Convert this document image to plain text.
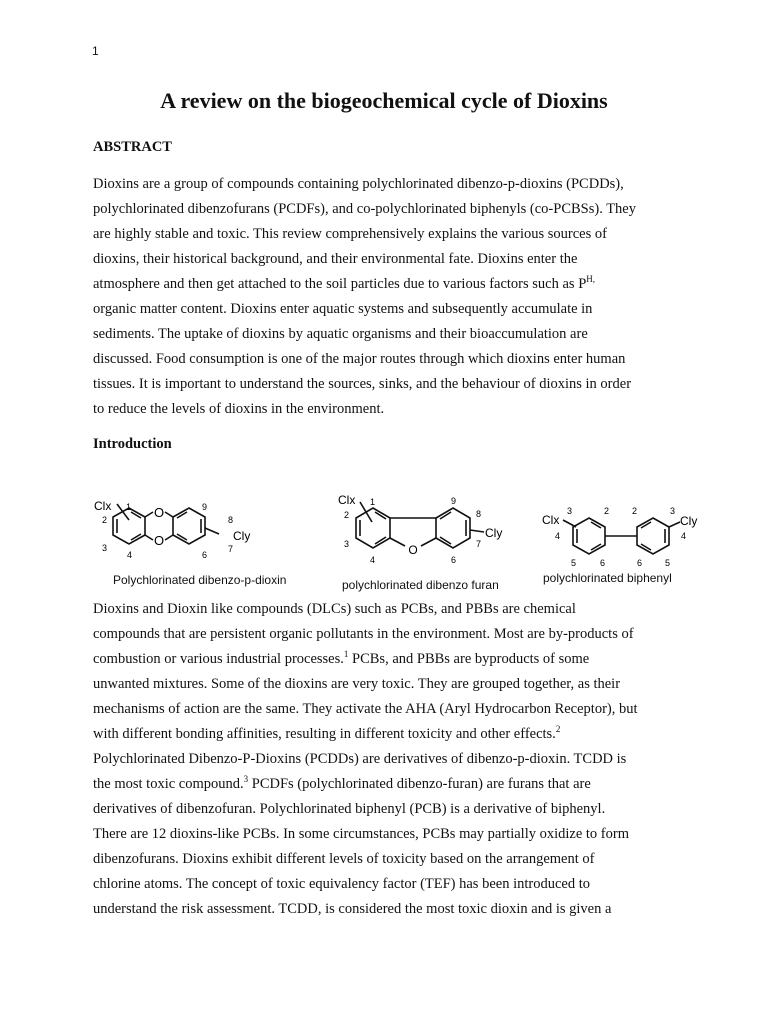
1
A review on the biogeochemical cycle of Dioxins
ABSTRACT
Dioxins are a group of compounds containing polychlorinated dibenzo-p-dioxins (PCDDs),
polychlorinated dibenzofurans (PCDFs), and co-polychlorinated biphenyls (co-PCBSs). They
are highly stable and toxic. This review comprehensively explains the various sources of
dioxins, their historical background, and their environmental fate. Dioxins enter the
atmosphere and then get attached to the soil particles due to various factors such as $P^{H,}$
organic matter content. Dioxins enter aquatic systems and subsequently accumulate in
sediments. The uptake of dioxins by aquatic organisms and their bioaccumulation are
discussed. Food consumption is one of the major routes through which dioxins enter human
tissues. It is important to understand the sources, sinks, and the behaviour of dioxins in order
to reduce the levels of dioxins in the environment.
Introduction
O
O
Clx
Cly
1
2
3
4
9
8
7
6
Polychlorinated dibenzo-p-dioxin
O
Clx
Cly
1
2
3
4
9
8
7
6
polychlorinated dibenzo furan
Clx	Cly
3	2	2	3
4	4
5	6	6	5
polychlorinated biphenyl
Dioxins and Dioxin like compounds (DLCs) such as PCBs, and PBBs are chemical
compounds that are persistent organic pollutants in the environment. Most are by-products of
combustion or various industrial processes.$^1$ PCBs, and PBBs are byproducts of some
unwanted mixtures. Some of the dioxins are very toxic. They are grouped together, as their
mechanisms of action are the same. They activate the AHA (Aryl Hydrocarbon Receptor), but
with different bonding affinities, resulting in different toxicity and other effects.$^2$
Polychlorinated Dibenzo-P-Dioxins (PCDDs) are derivatives of dibenzo-p-dioxin. TCDD is
the most toxic compound.$^3$ PCDFs (polychlorinated dibenzo-furan) are furans that are
derivatives of dibenzofuran. Polychlorinated biphenyl (PCB) is a derivative of biphenyl.
There are 12 dioxins-like PCBs. In some circumstances, PCBs may partially oxidize to form
dibenzofurans. Dioxins exhibit different levels of toxicity based on the arrangement of
chlorine atoms. The concept of toxic equivalency factor (TEF) has been introduced to
understand the risk assessment. TCDD, is considered the most toxic dioxin and is given a
